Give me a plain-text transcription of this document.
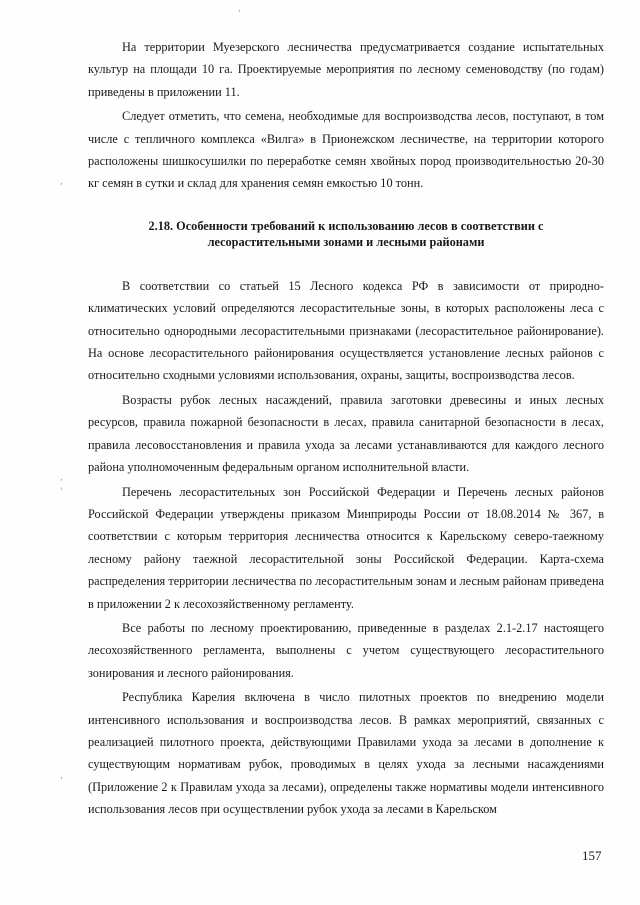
На территории Муезерского лесничества предусматривается создание испытательных культур на площади 10 га. Проектируемые мероприятия по лесному семеноводству (по годам) приведены в приложении 11.

Следует отметить, что семена, необходимые для воспроизводства лесов, поступают, в том числе с тепличного комплекса «Вилга» в Прионежском лесничестве, на территории которого расположены шишкосушилки по переработке семян хвойных пород производительностью 20-30 кг семян в сутки и склад для хранения семян емкостью 10 тонн.

2.18. Особенности требований к использованию лесов в соответствии с
лесорастительными зонами и лесными районами

В соответствии со статьей 15 Лесного кодекса РФ в зависимости от природно-климатических условий определяются лесорастительные зоны, в которых расположены леса с относительно однородными лесорастительными признаками (лесорастительное районирование). На основе лесорастительного районирования осуществляется установление лесных районов с относительно сходными условиями использования, охраны, защиты, воспроизводства лесов.

Возрасты рубок лесных насаждений, правила заготовки древесины и иных лесных ресурсов, правила пожарной безопасности в лесах, правила санитарной безопасности в лесах, правила лесовосстановления и правила ухода за лесами устанавливаются для каждого лесного района уполномоченным федеральным органом исполнительной власти.

Перечень лесорастительных зон Российской Федерации и Перечень лесных районов Российской Федерации утверждены приказом Минприроды России от 18.08.2014 № 367, в соответствии с которым территория лесничества относится к Карельскому северо-таежному лесному району таежной лесорастительной зоны Российской Федерации. Карта-схема распределения территории лесничества по лесорастительным зонам и лесным районам приведена в приложении 2 к лесохозяйственному регламенту.

Все работы по лесному проектированию, приведенные в разделах 2.1-2.17 настоящего лесохозяйственного регламента, выполнены с учетом существующего лесорастительного зонирования и лесного районирования.

Республика Карелия включена в число пилотных проектов по внедрению модели интенсивного использования и воспроизводства лесов. В рамках мероприятий, связанных с реализацией пилотного проекта, действующими Правилами ухода за лесами в дополнение к существующим нормативам рубок, проводимых в целях ухода за лесными насаждениями (Приложение 2 к Правилам ухода за лесами), определены также нормативы модели интенсивного использования лесов при осуществлении рубок ухода за лесами в Карельском

157
,
,
'
,
'
